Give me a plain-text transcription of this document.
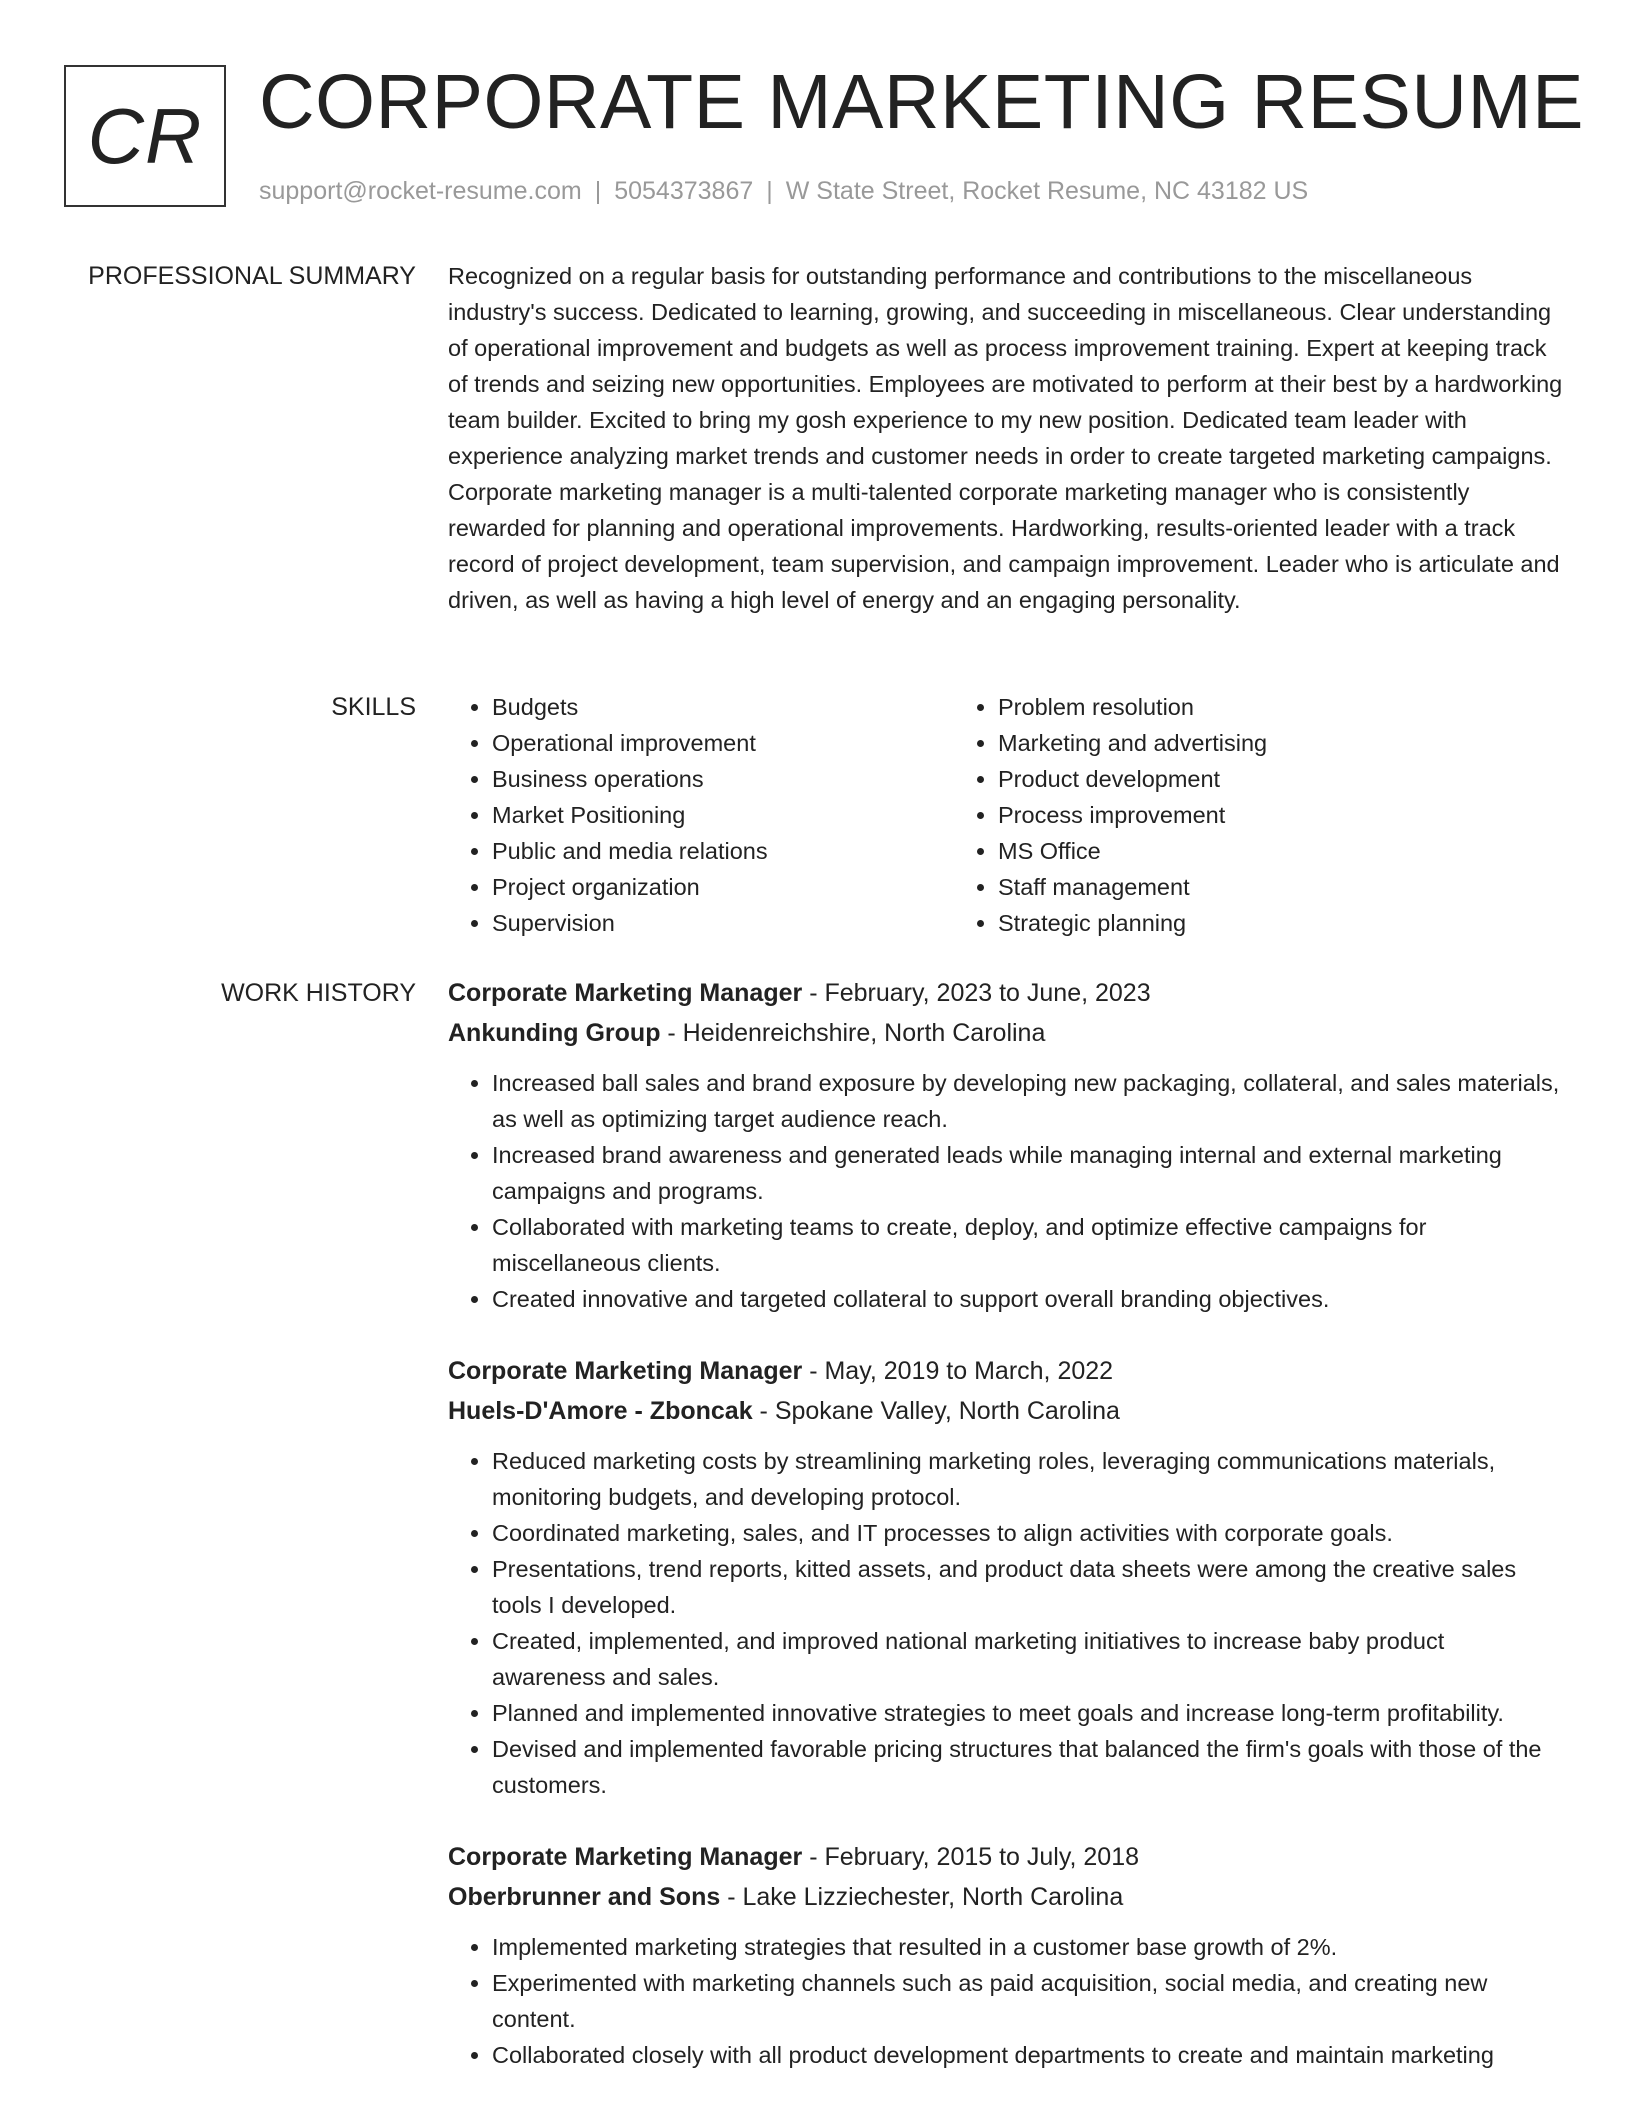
CR CORPORATE MARKETING RESUME
support@rocket-resume.com | 5054373867 | W State Street, Rocket Resume, NC 43182 US
PROFESSIONAL SUMMARY Recognized on a regular basis for outstanding performance and contributions to the miscellaneous industry's success. Dedicated to learning, growing, and succeeding in miscellaneous. Clear understanding of operational improvement and budgets as well as process improvement training. Expert at keeping track of trends and seizing new opportunities. Employees are motivated to perform at their best by a hardworking team builder. Excited to bring my gosh experience to my new position. Dedicated team leader with experience analyzing market trends and customer needs in order to create targeted marketing campaigns. Corporate marketing manager is a multi-talented corporate marketing manager who is consistently rewarded for planning and operational improvements. Hardworking, results-oriented leader with a track record of project development, team supervision, and campaign improvement. Leader who is articulate and driven, as well as having a high level of energy and an engaging personality.

SKILLS
•	Budgets
• Operational improvement
• Business operations
• Market Positioning
• Public and media relations
• Project organization
• Supervision
• Problem resolution
• Marketing and advertising
• Product development
• Process improvement
• MS Office
• Staff management
• Strategic planning
WORK HISTORY Corporate Marketing Manager - February, 2023 to June, 2023
Ankunding Group - Heidenreichshire, North Carolina
• Increased ball sales and brand exposure by developing new packaging, collateral, and sales materials, as well as optimizing target audience reach.
• Increased brand awareness and generated leads while managing internal and external marketing campaigns and programs.
• Collaborated with marketing teams to create, deploy, and optimize effective campaigns for miscellaneous clients.
• Created innovative and targeted collateral to support overall branding objectives.
Corporate Marketing Manager - May, 2019 to March, 2022
Huels-D'Amore - Zboncak - Spokane Valley, North Carolina
• Reduced marketing costs by streamlining marketing roles, leveraging communications materials, monitoring budgets, and developing protocol.
• Coordinated marketing, sales, and IT processes to align activities with corporate goals.
• Presentations, trend reports, kitted assets, and product data sheets were among the creative sales tools I developed.
• Created, implemented, and improved national marketing initiatives to increase baby product awareness and sales.
• Planned and implemented innovative strategies to meet goals and increase long-term profitability.
• Devised and implemented favorable pricing structures that balanced the firm's goals with those of the customers.
Corporate Marketing Manager - February, 2015 to July, 2018
Oberbrunner and Sons - Lake Lizziechester, North Carolina
• Implemented marketing strategies that resulted in a customer base growth of 2%.
• Experimented with marketing channels such as paid acquisition, social media, and creating new content.
• Collaborated closely with all product development departments to create and maintain marketing
